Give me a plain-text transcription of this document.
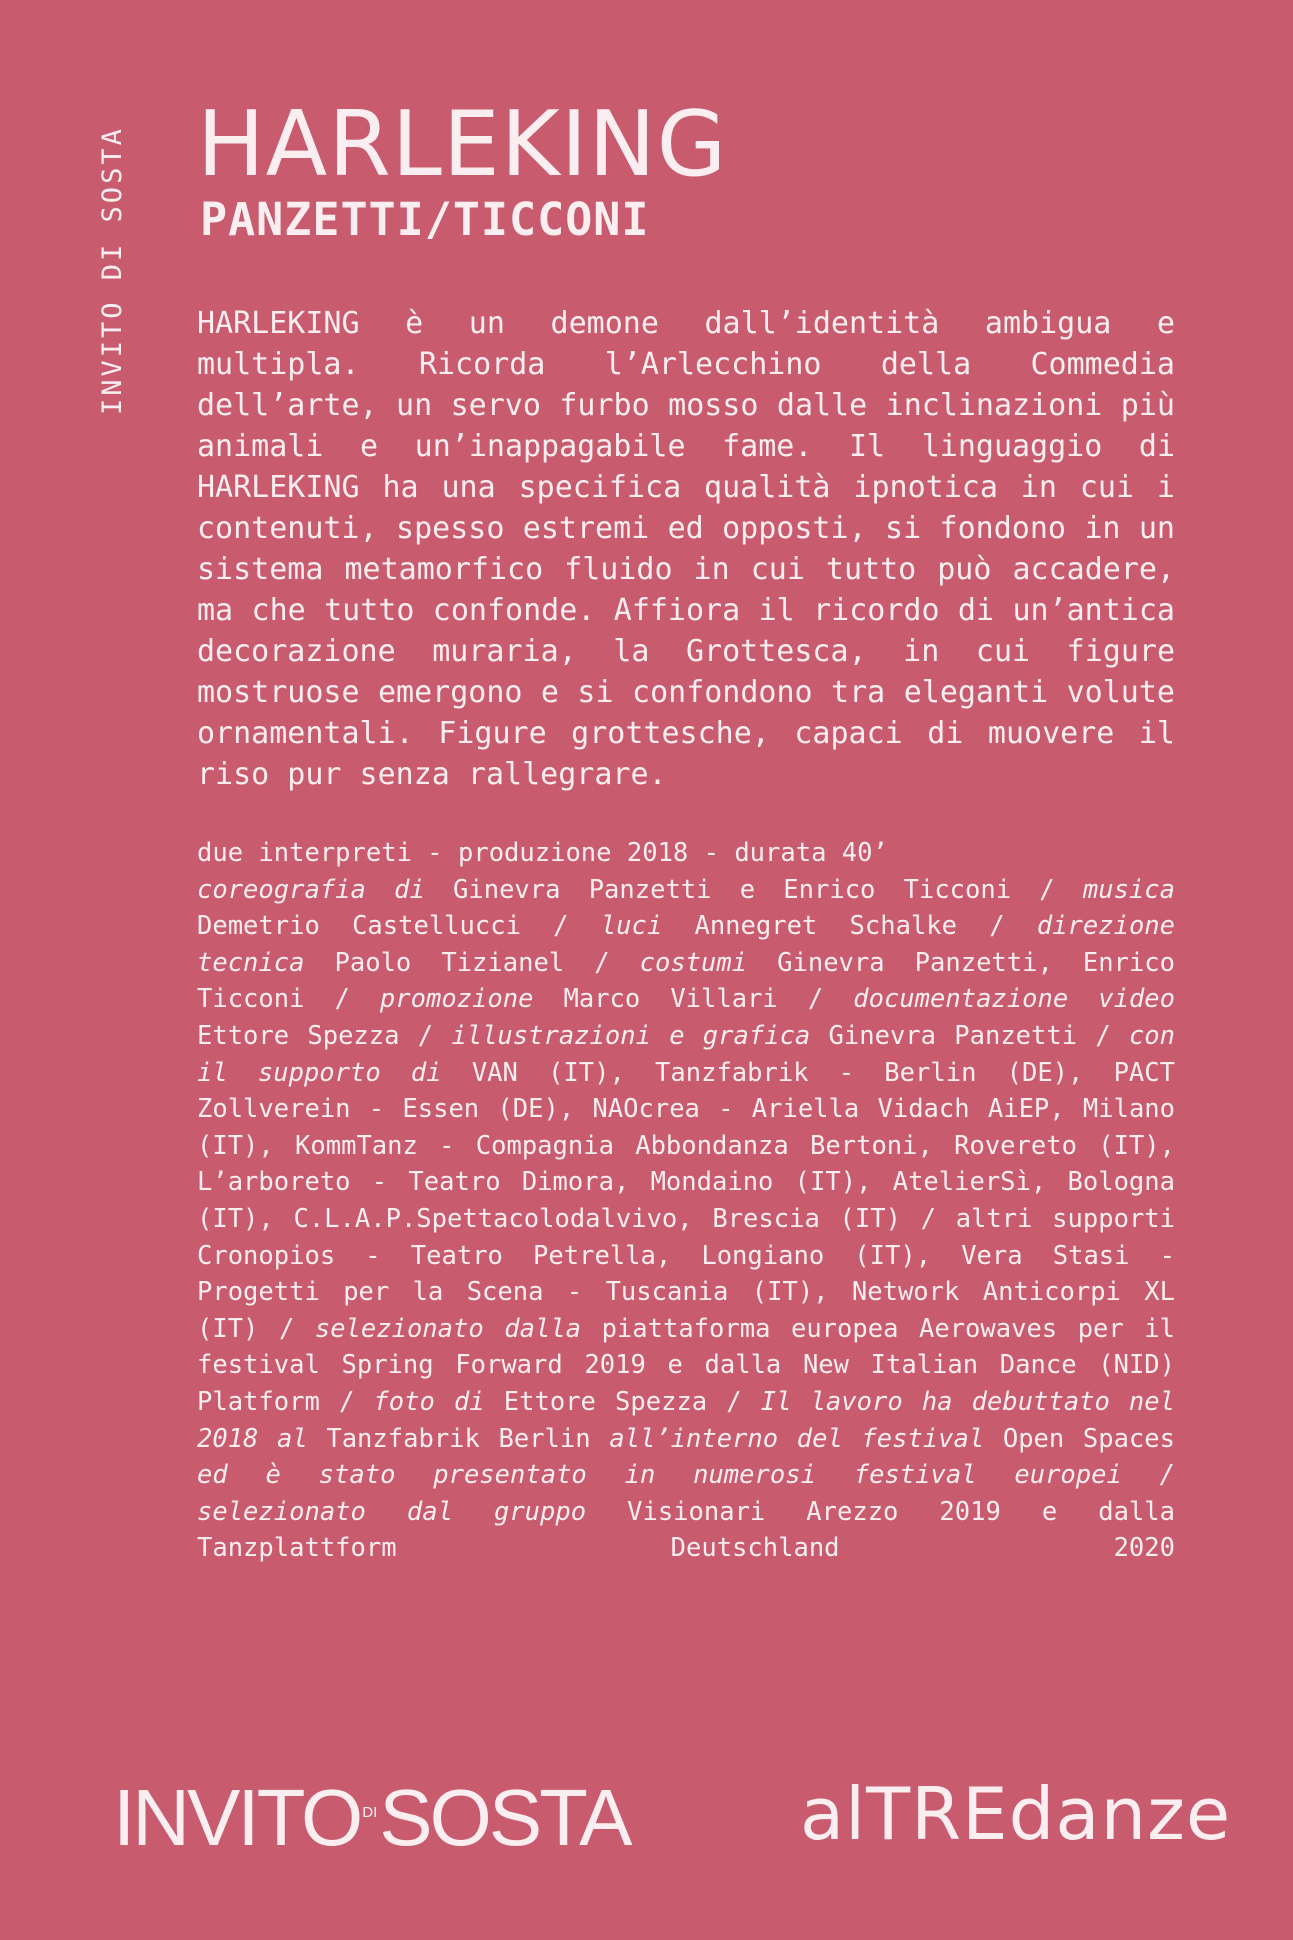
INVITO DI SOSTA HARLEKING
PANZETTI/TICCONI

HARLEKING è un demone dall’identità ambigua e multipla. Ricorda l’Arlecchino della Commedia dell’arte, un servo furbo mosso dalle inclinazioni più animali e un’inappagabile fame. Il linguaggio di HARLEKING ha una specifica qualità ipnotica in cui i contenuti, spesso estremi ed opposti, si fondono in un sistema metamorfico fluido in cui tutto può accadere, ma che tutto confonde. Affiora il ricordo di un’antica decorazione muraria, la Grottesca, in cui figure mostruose emergono e si confondono tra eleganti volute ornamentali. Figure grottesche, capaci di muovere il riso pur senza rallegrare.

due interpreti - produzione 2018 - durata 40’
coreografia di Ginevra Panzetti e Enrico Ticconi / musica Demetrio Castellucci / luci Annegret Schalke / direzione tecnica Paolo Tizianel / costumi Ginevra Panzetti, Enrico Ticconi / promozione Marco Villari / documentazione video Ettore Spezza / illustrazioni e grafica Ginevra Panzetti / con il supporto di VAN (IT), Tanzfabrik - Berlin (DE), PACT Zollverein - Essen (DE), NAOcrea - Ariella Vidach AiEP, Milano (IT), KommTanz - Compagnia Abbondanza Bertoni, Rovereto (IT), L’arboreto - Teatro Dimora, Mondaino (IT), AtelierSì, Bologna (IT), C.L.A.P.Spettacolodalvivo, Brescia (IT) / altri supporti Cronopios - Teatro Petrella, Longiano (IT), Vera Stasi - Progetti per la Scena - Tuscania (IT), Network Anticorpi XL (IT) / selezionato dalla piattaforma europea Aerowaves per il festival Spring Forward 2019 e dalla New Italian Dance (NID) Platform / foto di Ettore Spezza / Il lavoro ha debuttato nel 2018 al Tanzfabrik Berlin all’interno del festival Open Spaces ed è stato presentato in numerosi festival europei / selezionato dal gruppo Visionari Arezzo 2019 e dalla Tanzplattform Deutschland 2020

INVITO DI SOSTA alTREdanze
